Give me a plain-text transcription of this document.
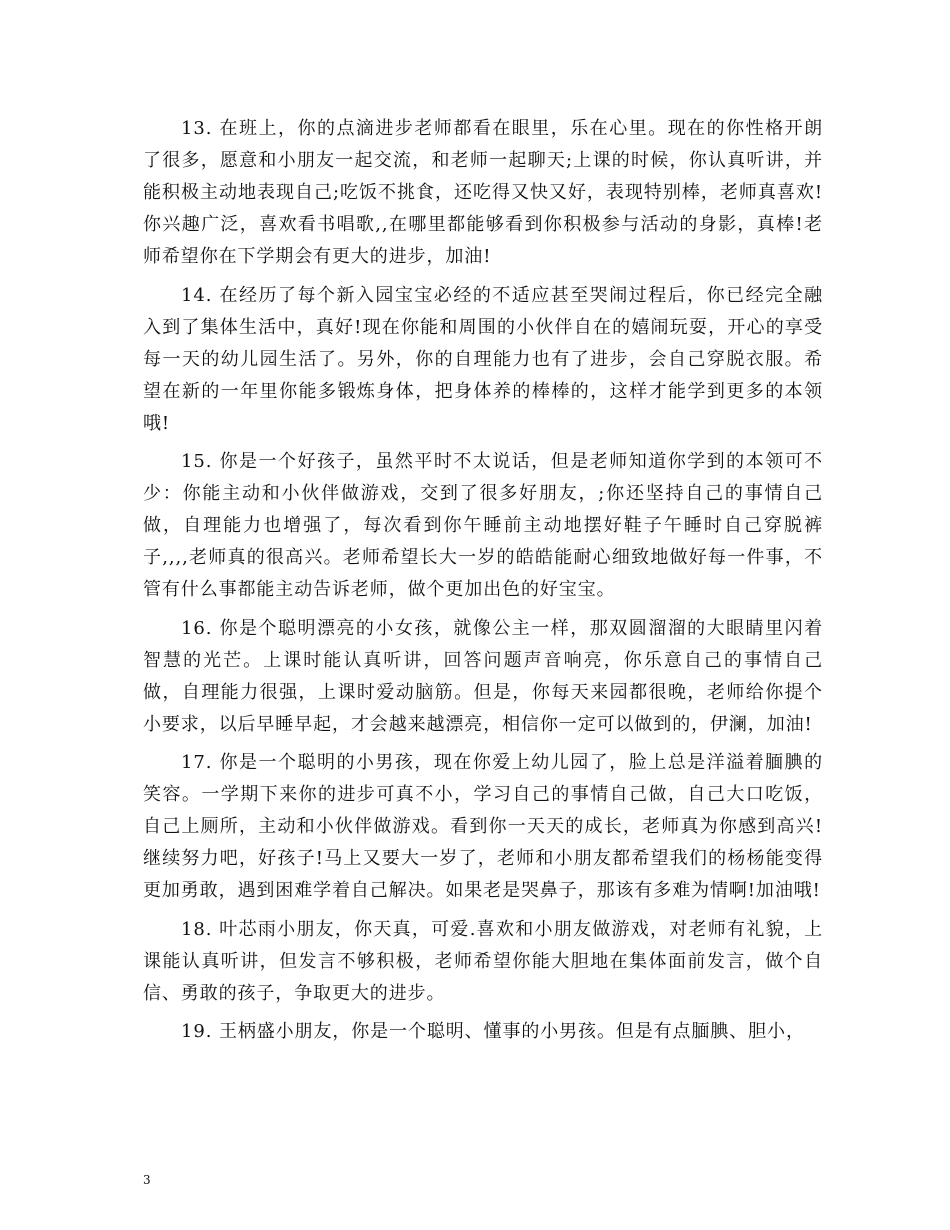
13. 在班上，你的点滴进步老师都看在眼里，乐在心里。现在的你性格开朗了很多，愿意和小朋友一起交流，和老师一起聊天;上课的时候，你认真听讲，并能积极主动地表现自己;吃饭不挑食，还吃得又快又好，表现特别棒，老师真喜欢!你兴趣广泛，喜欢看书唱歌,,在哪里都能够看到你积极参与活动的身影，真棒!老师希望你在下学期会有更大的进步，加油!

14. 在经历了每个新入园宝宝必经的不适应甚至哭闹过程后，你已经完全融入到了集体生活中，真好!现在你能和周围的小伙伴自在的嬉闹玩耍，开心的享受每一天的幼儿园生活了。另外，你的自理能力也有了进步，会自己穿脱衣服。希望在新的一年里你能多锻炼身体，把身体养的棒棒的，这样才能学到更多的本领哦!

15. 你是一个好孩子，虽然平时不太说话，但是老师知道你学到的本领可不少：你能主动和小伙伴做游戏，交到了很多好朋友，;你还坚持自己的事情自己做，自理能力也增强了，每次看到你午睡前主动地摆好鞋子午睡时自己穿脱裤子,,,,老师真的很高兴。老师希望长大一岁的皓皓能耐心细致地做好每一件事，不管有什么事都能主动告诉老师，做个更加出色的好宝宝。

16. 你是个聪明漂亮的小女孩，就像公主一样，那双圆溜溜的大眼睛里闪着智慧的光芒。上课时能认真听讲，回答问题声音响亮，你乐意自己的事情自己做，自理能力很强，上课时爱动脑筋。但是，你每天来园都很晚，老师给你提个小要求，以后早睡早起，才会越来越漂亮，相信你一定可以做到的，伊澜，加油!

17. 你是一个聪明的小男孩，现在你爱上幼儿园了，脸上总是洋溢着腼腆的笑容。一学期下来你的进步可真不小，学习自己的事情自己做，自己大口吃饭，自己上厕所，主动和小伙伴做游戏。看到你一天天的成长，老师真为你感到高兴!继续努力吧，好孩子!马上又要大一岁了，老师和小朋友都希望我们的杨杨能变得更加勇敢，遇到困难学着自己解决。如果老是哭鼻子，那该有多难为情啊!加油哦!

18. 叶芯雨小朋友，你天真，可爱.喜欢和小朋友做游戏，对老师有礼貌，上课能认真听讲，但发言不够积极，老师希望你能大胆地在集体面前发言，做个自信、勇敢的孩子，争取更大的进步。

19. 王柄盛小朋友，你是一个聪明、懂事的小男孩。但是有点腼腆、胆小，

3
